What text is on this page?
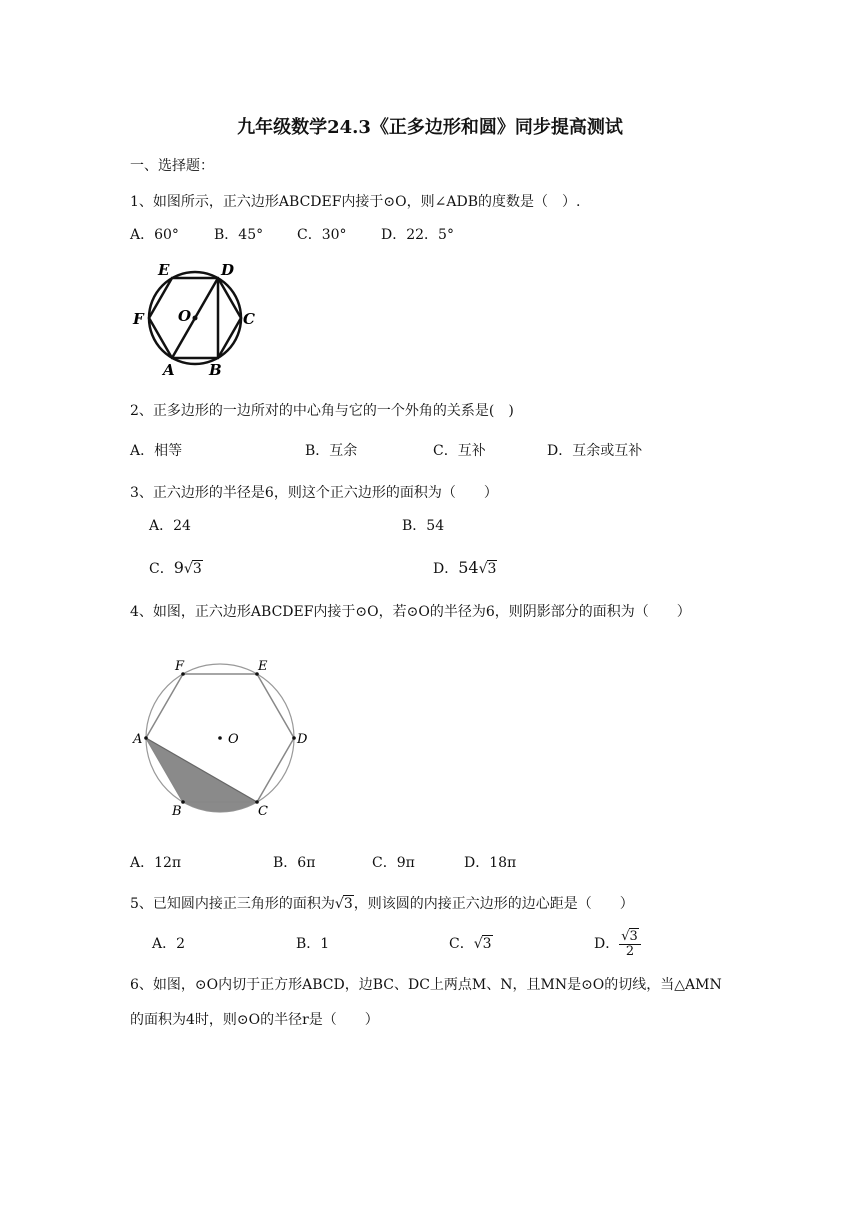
九年级数学24.3《正多边形和圆》同步提高测试
一、选择题：
1、如图所示，正六边形ABCDEF内接于⊙O，则∠ADB的度数是（　）.
A．60°	B．45° C．30° D．22．5°
E	D
F O	C
A B
2、正多边形的一边所对的中心角与它的一个外角的关系是(　)
A．相等	B．互余	C．互补	D．互余或互补
3、正六边形的半径是6，则这个正六边形的面积为（　　）
A．24	B．54
C．9√3	D．54√3
4、如图，正六边形ABCDEF内接于⊙O，若⊙O的半径为6，则阴影部分的面积为（　　）
F	E
A	O	D
B	C
A．12π	B．6π	C．9π	D．18π
5、已知圆内接正三角形的面积为√3，则该圆的内接正六边形的边心距是（　　）
A．2	B．1	C．√3	D． $\frac{√3}{2}$
6、如图，⊙O内切于正方形ABCD，边BC、DC上两点M、N，且MN是⊙O的切线，当△AMN
的面积为4时，则⊙O的半径r是（　　）
